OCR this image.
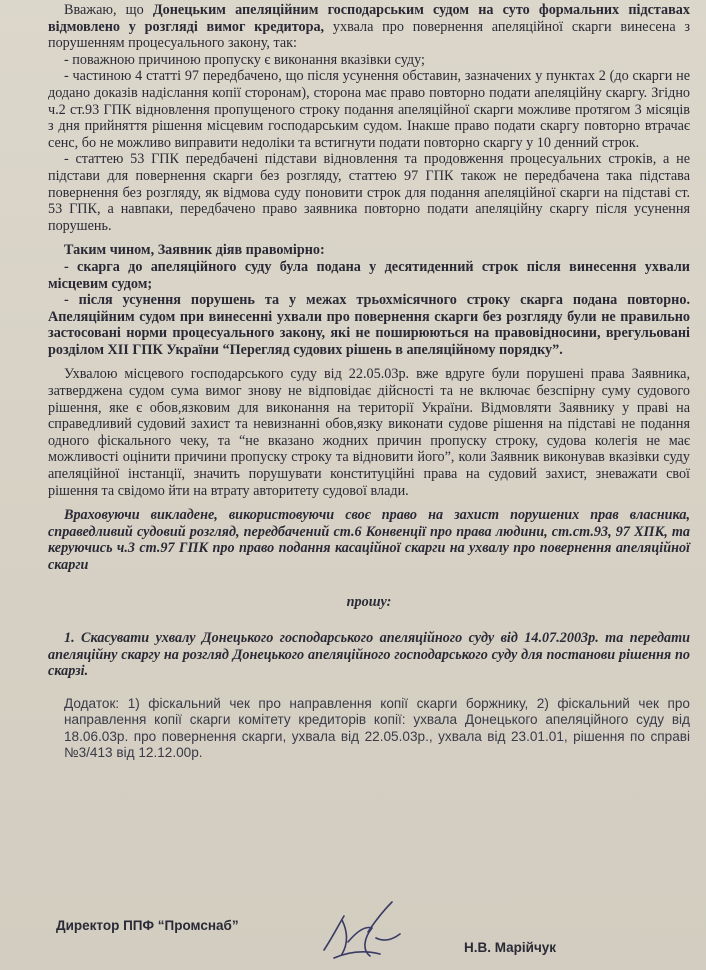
Вважаю, що Донецьким апеляційним господарським судом на суто формальних підставах відмовлено у розгляді вимог кредитора, ухвала про повернення апеляційної скарги винесена з порушенням процесуального закону, так:

- поважною причиною пропуску є виконання вказівки суду;

- частиною 4 статті 97 передбачено, що після усунення обставин, зазначених у пунктах 2 (до скарги не додано доказів надіслання копії сторонам), сторона має право повторно подати апеляційну скаргу. Згідно ч.2 ст.93 ГПК відновлення пропущеного строку подання апеляційної скарги можливе протягом 3 місяців з дня прийняття рішення місцевим господарським судом. Інакше право подати скаргу повторно втрачає сенс, бо не можливо виправити недоліки та встигнути подати повторно скаргу у 10 денний строк.

- статтею 53 ГПК передбачені підстави відновлення та продовження процесуальних строків, а не підстави для повернення скарги без розгляду, статтею 97 ГПК також не передбачена така підстава повернення без розгляду, як відмова суду поновити строк для подання апеляційної скарги на підставі ст. 53 ГПК, а навпаки, передбачено право заявника повторно подати апеляційну скаргу після усунення порушень.

Таким чином, Заявник діяв правомірно:

- скарга до апеляційного суду була подана у десятиденний строк після винесення ухвали місцевим судом;

- після усунення порушень та у межах трьохмісячного строку скарга подана повторно. Апеляційним судом при винесенні ухвали про повернення скарги без розгляду були не правильно застосовані норми процесуального закону, які не поширюються на правовідносини, врегульовані розділом ХІІ ГПК України “Перегляд судових рішень в апеляційному порядку”.

Ухвалою місцевого господарського суду від 22.05.03р. вже вдруге були порушені права Заявника, затверджена судом сума вимог знову не відповідає дійсності та не включає безспірну суму судового рішення, яке є обов,язковим для виконання на території України. Відмовляти Заявнику у праві на справедливий судовий захист та невизнанні обов,язку виконати судове рішення на підставі не подання одного фіскального чеку, та “не вказано жодних причин пропуску строку, судова колегія не має можливості оцінити причини пропуску строку та відновити його”, коли Заявник виконував вказівки суду апеляційної інстанції, значить порушувати конституційні права на судовий захист, зневажати свої рішення та свідомо йти на втрату авторитету судової влади.

Враховуючи викладене, використовуючи своє право на захист порушених прав власника, справедливий судовий розгляд, передбачений ст.6 Конвенції про права людини, ст.ст.93, 97 ХПК, та керуючись ч.3 ст.97 ГПК про право подання касаційної скарги на ухвалу про повернення апеляційної скарги

прошу:

1. Скасувати ухвалу Донецького господарського апеляційного суду від 14.07.2003р. та передати апеляційну скаргу на розгляд Донецького апеляційного господарського суду для постанови рішення по скарзі.

Додаток: 1) фіскальний чек про направлення копії скарги боржнику, 2) фіскальний чек про направлення копії скарги комітету кредиторів копії: ухвала Донецького апеляційного суду від 18.06.03р. про повернення скарги, ухвала від 22.05.03р., ухвала від 23.01.01, рішення по справі №3/413 від 12.12.00р.

Директор ППФ “Промснаб”
Н.В. Марійчук
